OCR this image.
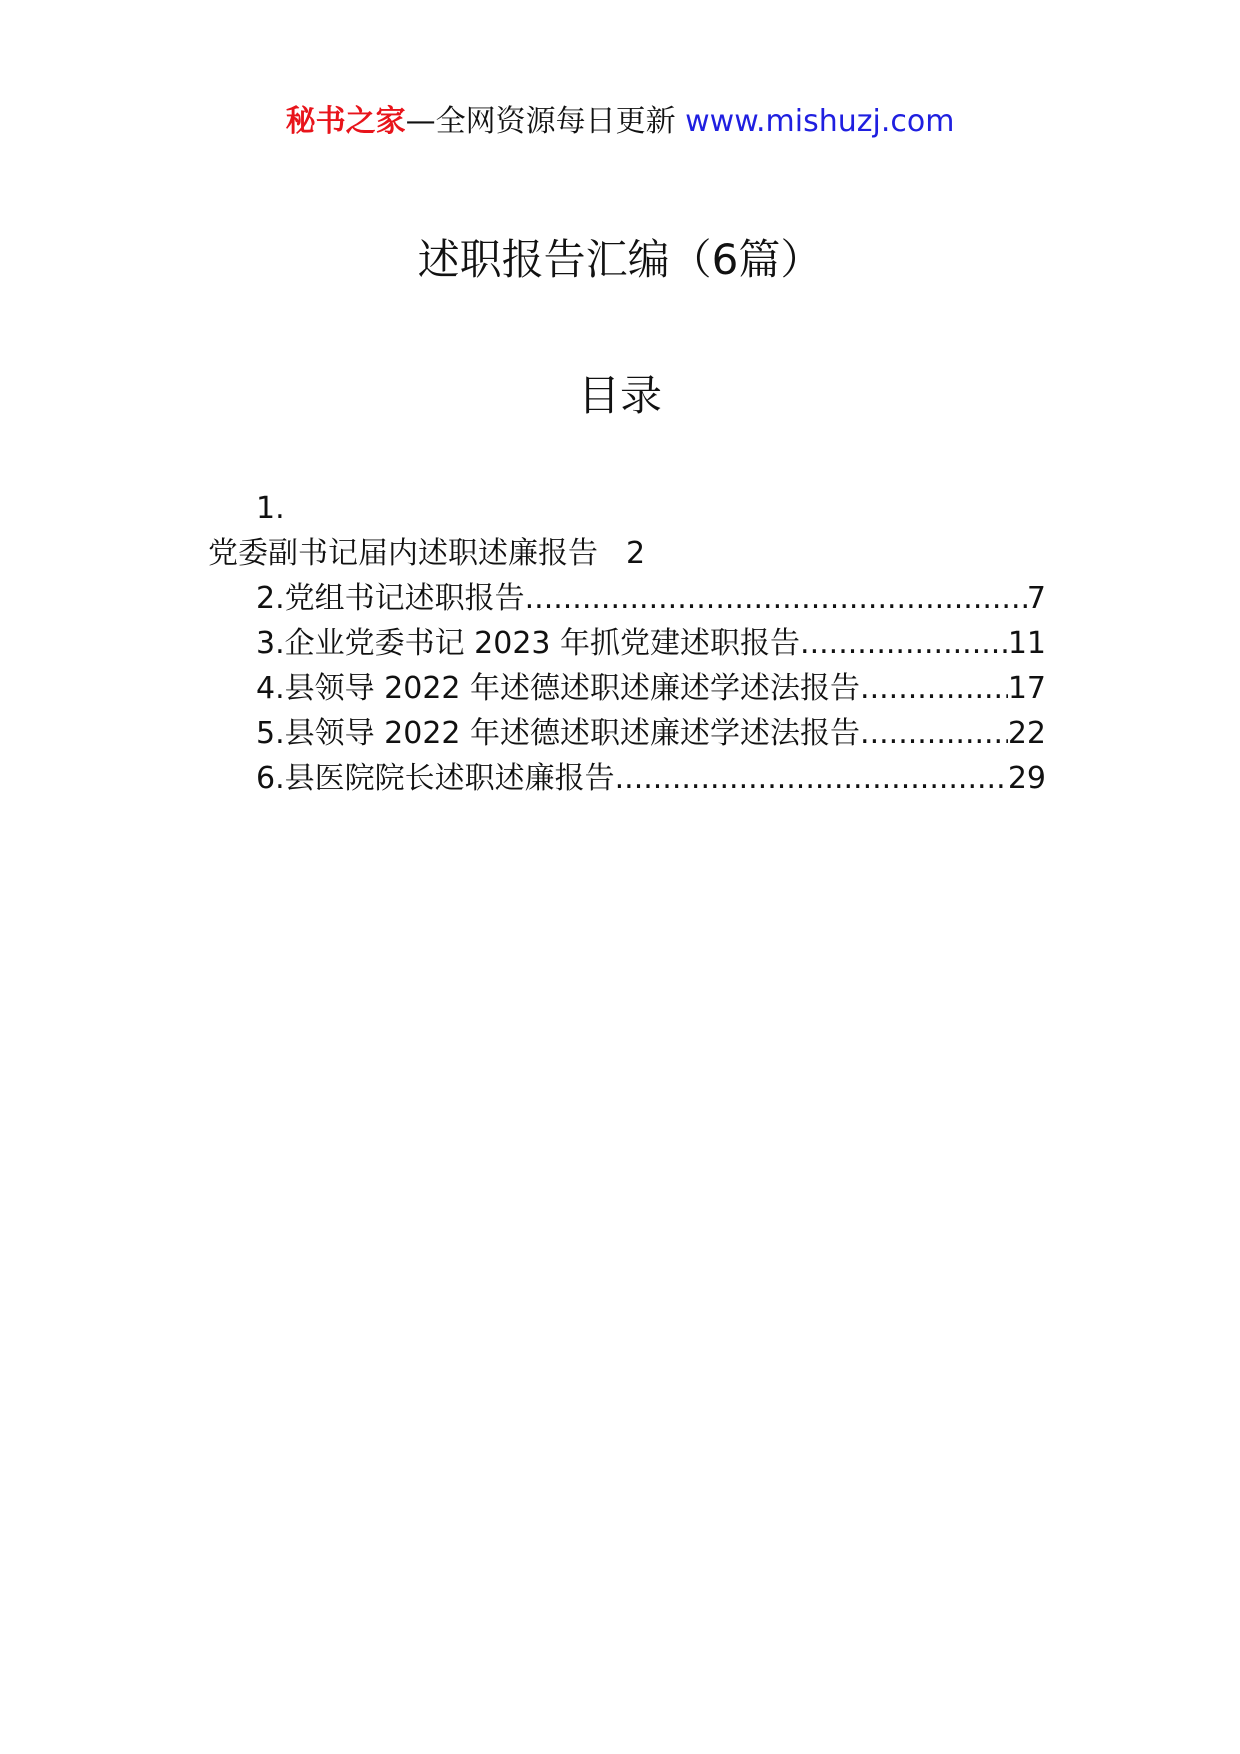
秘书之家—全网资源每日更新 www.mishuzj.com
述职报告汇编（6篇）
目录
1.
党委副书记届内述职述廉报告 2
2.党组书记述职报告 .....	7
3.企业党委书记 2023 年抓党建述职报告 .....	11
4.县领导 2022 年述德述职述廉述学述法报告 .....	17
5.县领导 2022 年述德述职述廉述学述法报告 .....	22
6.县医院院长述职述廉报告 .....	29
